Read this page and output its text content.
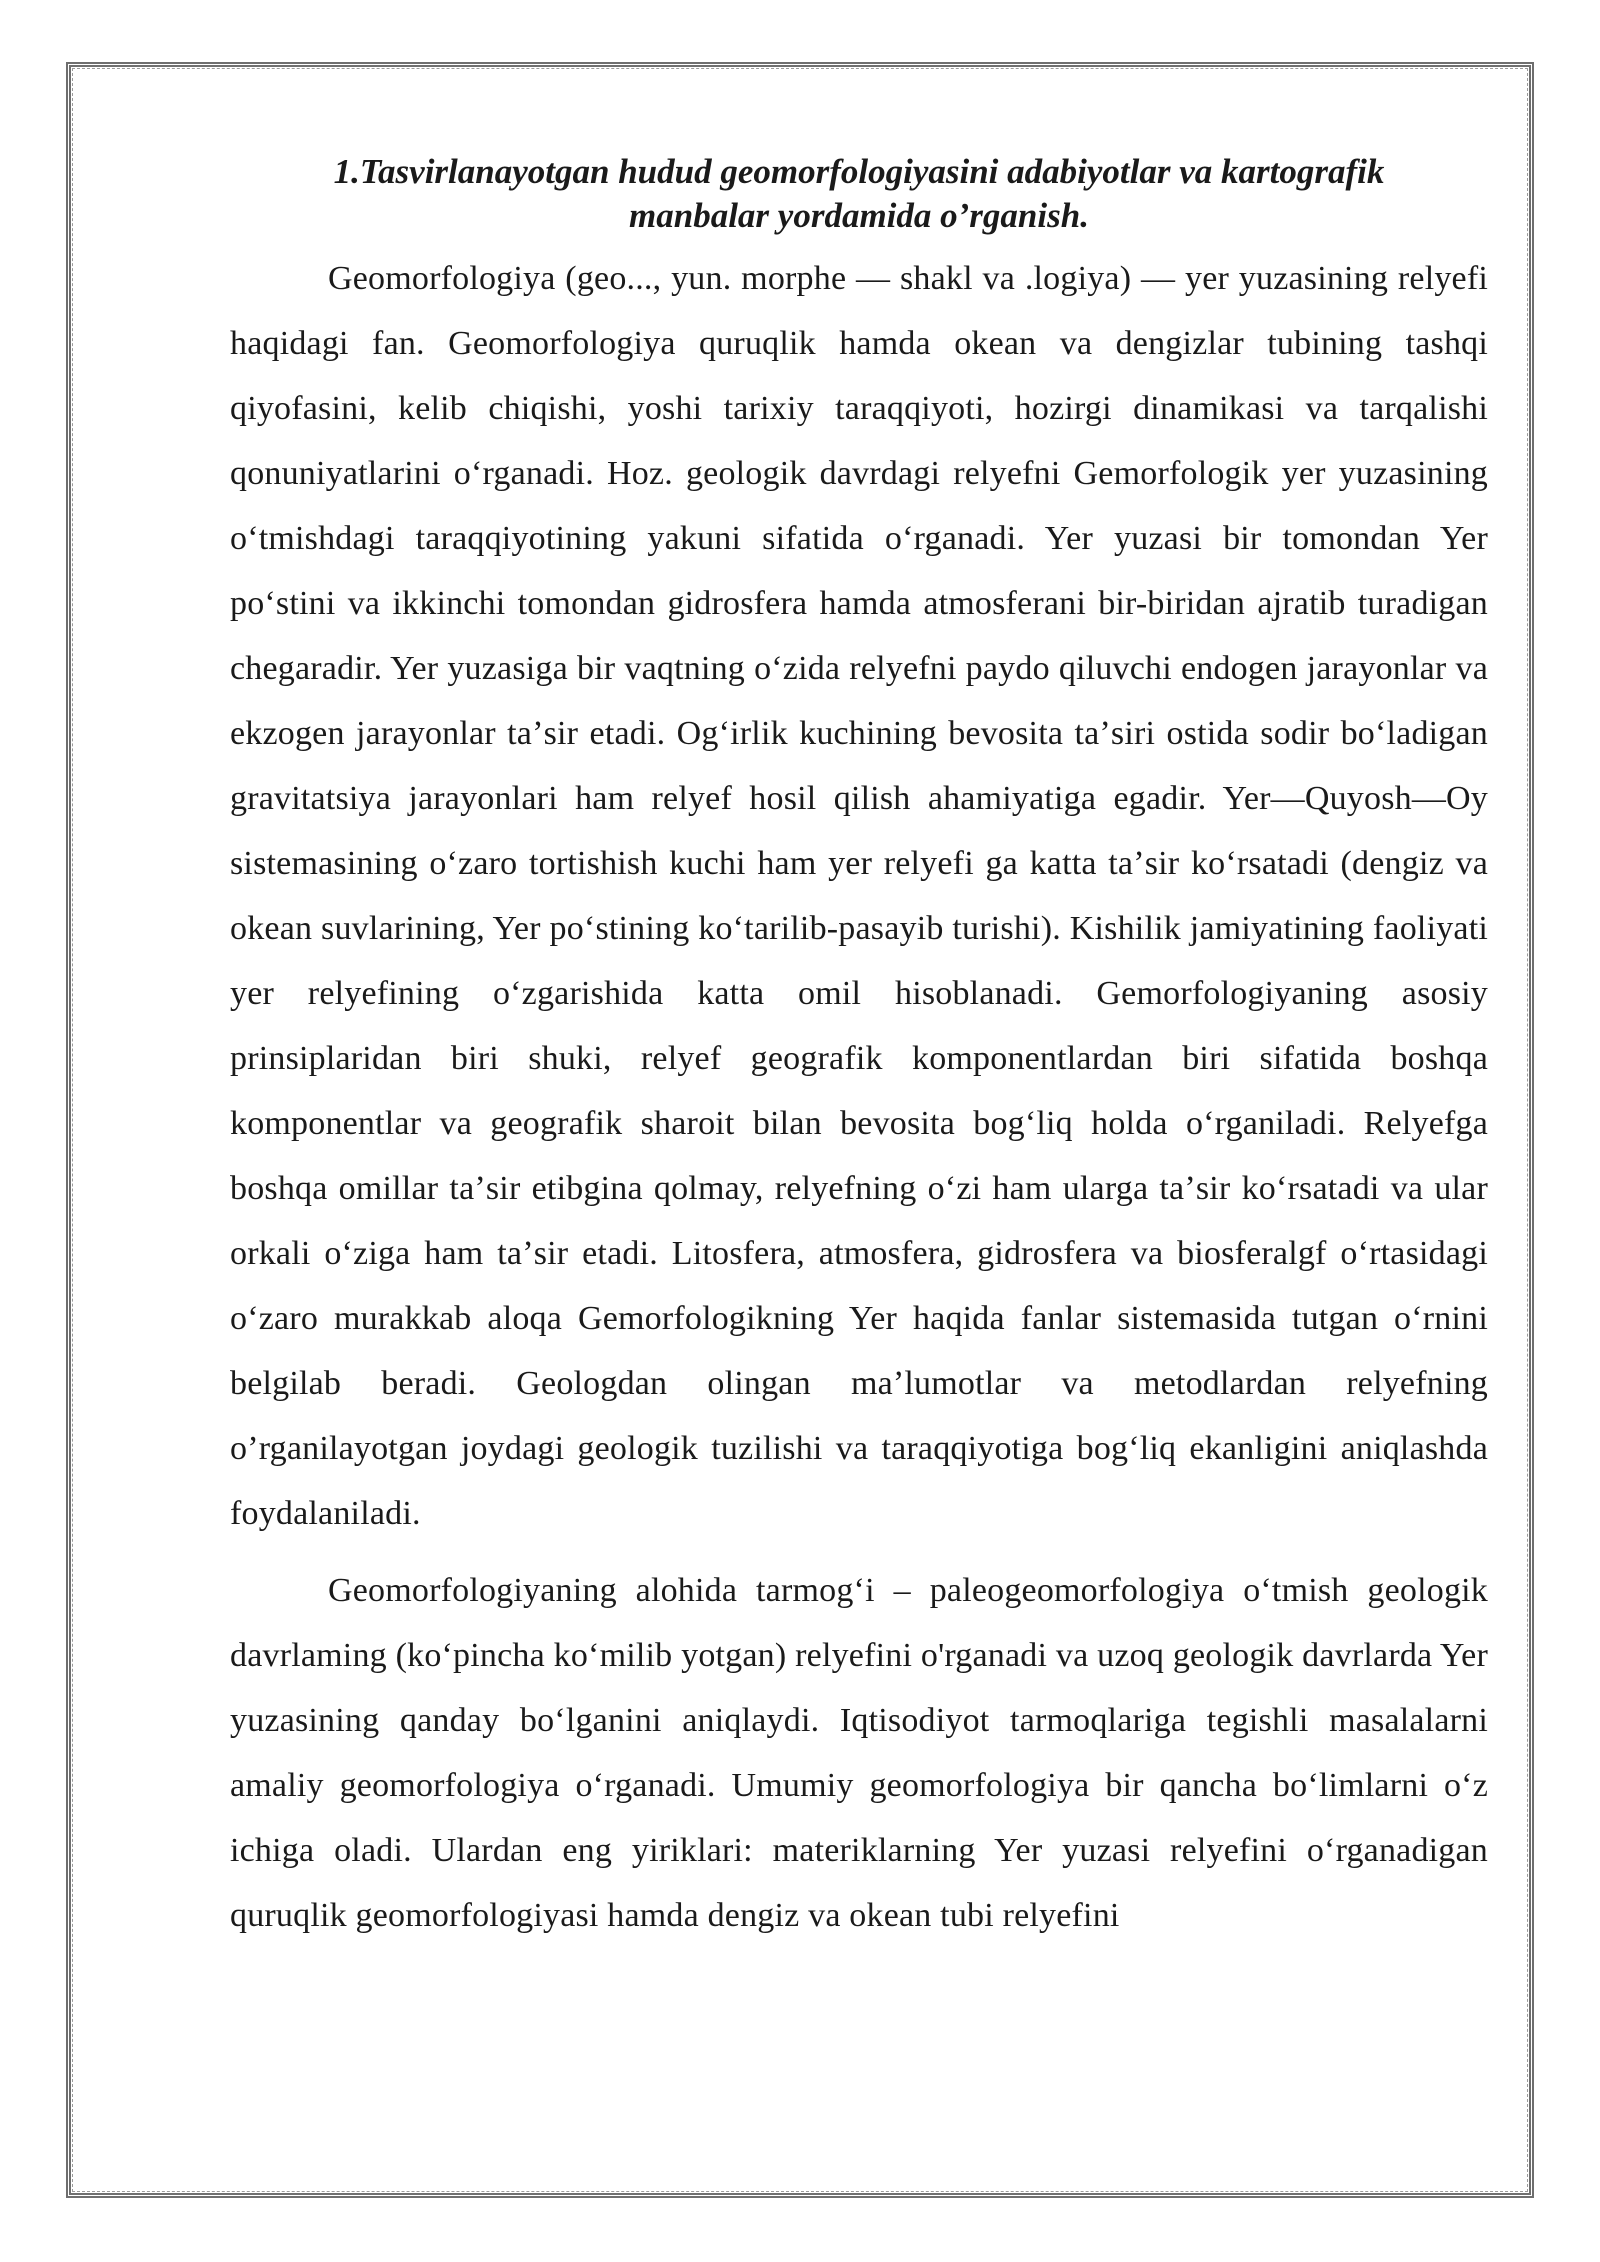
1.Tasvirlanayotgan hudud geomorfologiyasini adabiyotlar va kartografik
manbalar yordamida o’rganish.

Geomorfologiya (geo..., yun. morphe — shakl va .logiya) — yer yuzasining relyefi haqidagi fan. Geomorfologiya quruqlik hamda okean va dengizlar tubining tashqi qiyofasini, kelib chiqishi, yoshi tarixiy taraqqiyoti, hozirgi dinamikasi va tarqalishi qonuniyatlarini oʻrganadi. Hoz. geologik davrdagi relyefni Gemorfologik yer yuzasining oʻtmishdagi taraqqiyotining yakuni sifatida oʻrganadi. Yer yuzasi bir tomondan Yer poʻstini va ikkinchi tomondan gidrosfera hamda atmosferani bir-biridan ajratib turadigan chegaradir. Yer yuzasiga bir vaqtning oʻzida relyefni paydo qiluvchi endogen jarayonlar va ekzogen jarayonlar taʼsir etadi. Ogʻirlik kuchining bevosita taʼsiri ostida sodir boʻladigan gravitatsiya jarayonlari ham relyef hosil qilish ahamiyatiga egadir. Yer—Quyosh—Oy sistemasining oʻzaro tortishish kuchi ham yer relyefi ga katta taʼsir koʻrsatadi (dengiz va okean suvlarining, Yer poʻstining koʻtarilib-pasayib turishi). Kishilik jamiyatining faoliyati yer relyefining oʻzgarishida katta omil hisoblanadi. Gemorfologiyaning asosiy prinsiplaridan biri shuki, relyef geografik komponentlardan biri sifatida boshqa komponentlar va geografik sharoit bilan bevosita bogʻliq holda oʻrganiladi. Relyefga boshqa omillar taʼsir etibgina qolmay, relyefning oʻzi ham ularga taʼsir koʻrsatadi va ular orkali oʻziga ham taʼsir etadi. Litosfera, atmosfera, gidrosfera va biosferalgf oʻrtasidagi oʻzaro murakkab aloqa Gemorfologikning Yer haqida fanlar sistemasida tutgan oʻrnini belgilab beradi. Geologdan olingan maʼlumotlar va metodlardan relyefning o’rganilayotgan joydagi geologik tuzilishi va taraqqiyotiga bogʻliq ekanligini aniqlashda foydalaniladi.

Geomorfologiyaning alohida tarmogʻi – paleogeomorfologiya oʻtmish geologik davrlaming (koʻpincha koʻmilib yotgan) relyefini o'rganadi va uzoq geologik davrlarda Yer yuzasining qanday boʻlganini aniqlaydi. Iqtisodiyot tarmoqlariga tegishli masalalarni amaliy geomorfologiya oʻrganadi. Umumiy geomorfologiya bir qancha boʻlimlarni oʻz ichiga oladi. Ulardan eng yiriklari: materiklarning Yer yuzasi relyefini oʻrganadigan quruqlik geomorfologiyasi hamda dengiz va okean tubi relyefini
